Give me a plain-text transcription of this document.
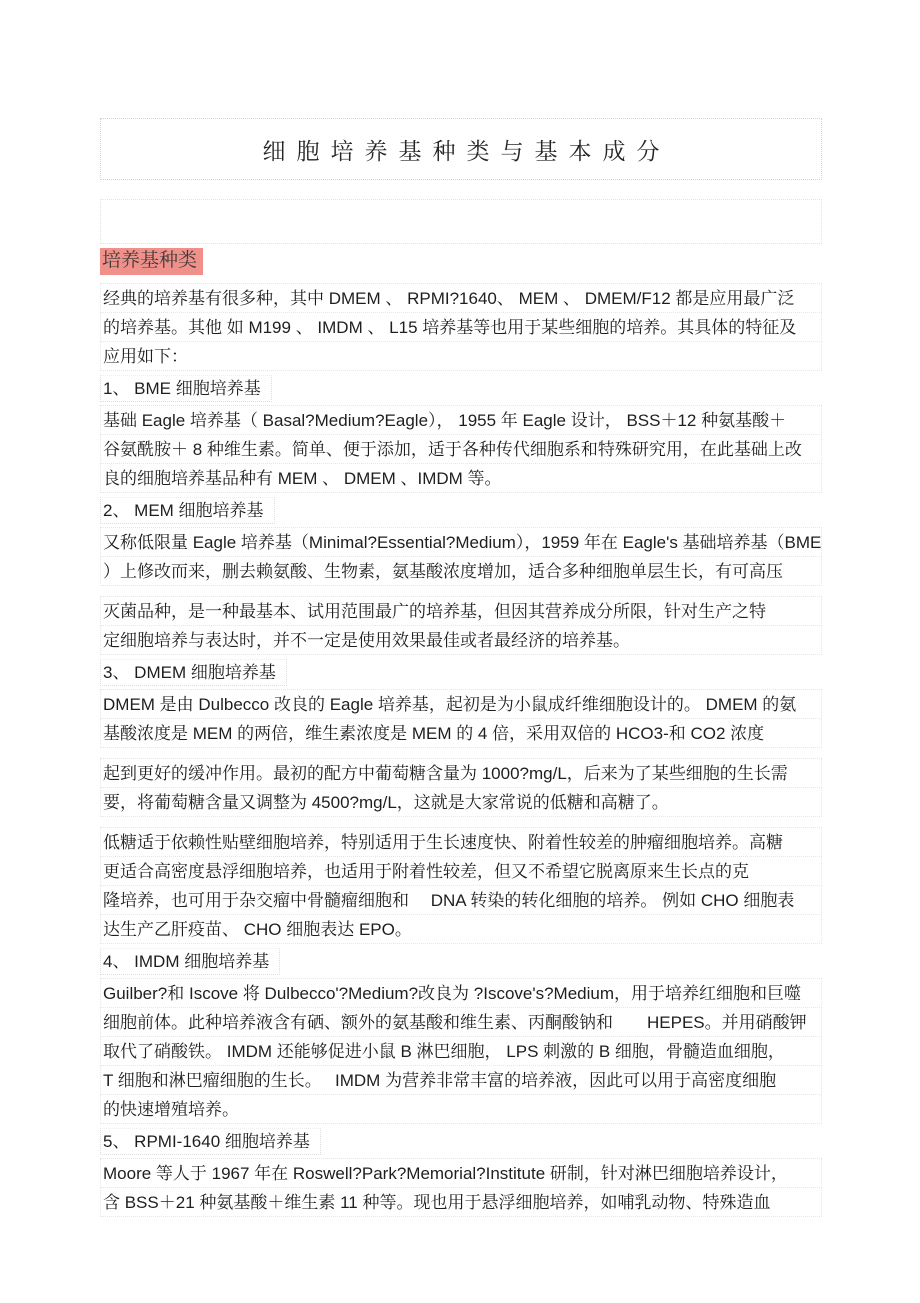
细胞培养基种类与基本成分
培养基种类
经典的培养基有很多种，其中 DMEM 、 RPMI?1640、 MEM 、 DMEM/F12 都是应用最广泛
的培养基。其他 如 M199 、 IMDM 、 L15 培养基等也用于某些细胞的培养。其具体的特征及
应用如下：
1、 BME 细胞培养基
基础 Eagle 培养基（ Basal?Medium?Eagle）， 1955 年 Eagle 设计， BSS＋12 种氨基酸＋
谷氨酰胺＋ 8 种维生素。简单、便于添加，适于各种传代细胞系和特殊研究用，在此基础上改
良的细胞培养基品种有 MEM 、 DMEM 、IMDM 等。
2、 MEM 细胞培养基
又称低限量 Eagle 培养基（Minimal?Essential?Medium），1959 年在 Eagle's 基础培养基（BME
）上修改而来，删去赖氨酸、生物素，氨基酸浓度增加，适合多种细胞单层生长，有可高压
灭菌品种，是一种最基本、试用范围最广的培养基，但因其营养成分所限，针对生产之特
定细胞培养与表达时，并不一定是使用效果最佳或者最经济的培养基。
3、 DMEM 细胞培养基
DMEM 是由 Dulbecco 改良的 Eagle 培养基，起初是为小鼠成纤维细胞设计的。 DMEM 的氨
基酸浓度是 MEM 的两倍，维生素浓度是 MEM 的 4 倍，采用双倍的 HCO3-和 CO2 浓度
起到更好的缓冲作用。最初的配方中葡萄糖含量为 1000?mg/L，后来为了某些细胞的生长需
要，将葡萄糖含量又调整为 4500?mg/L，这就是大家常说的低糖和高糖了。
低糖适于依赖性贴壁细胞培养，特别适用于生长速度快、附着性较差的肿瘤细胞培养。高糖
更适合高密度悬浮细胞培养，也适用于附着性较差，但又不希望它脱离原来生长点的克
隆培养，也可用于杂交瘤中骨髓瘤细胞和　 DNA 转染的转化细胞的培养。 例如 CHO 细胞表
达生产乙肝疫苗、 CHO 细胞表达 EPO。
4、 IMDM 细胞培养基
Guilber?和 Iscove 将 Dulbecco'?Medium?改良为 ?Iscove's?Medium，用于培养红细胞和巨噬
细胞前体。此种培养液含有硒、额外的氨基酸和维生素、丙酮酸钠和　　HEPES。并用硝酸钾
取代了硝酸铁。 IMDM 还能够促进小鼠 B 淋巴细胞， LPS 刺激的 B 细胞，骨髓造血细胞，
T 细胞和淋巴瘤细胞的生长。　 IMDM 为营养非常丰富的培养液，因此可以用于高密度细胞
的快速增殖培养。
5、 RPMI-1640 细胞培养基
Moore 等人于 1967 年在 Roswell?Park?Memorial?Institute 研制，针对淋巴细胞培养设计，
含 BSS＋21 种氨基酸＋维生素 11 种等。现也用于悬浮细胞培养，如哺乳动物、特殊造血
